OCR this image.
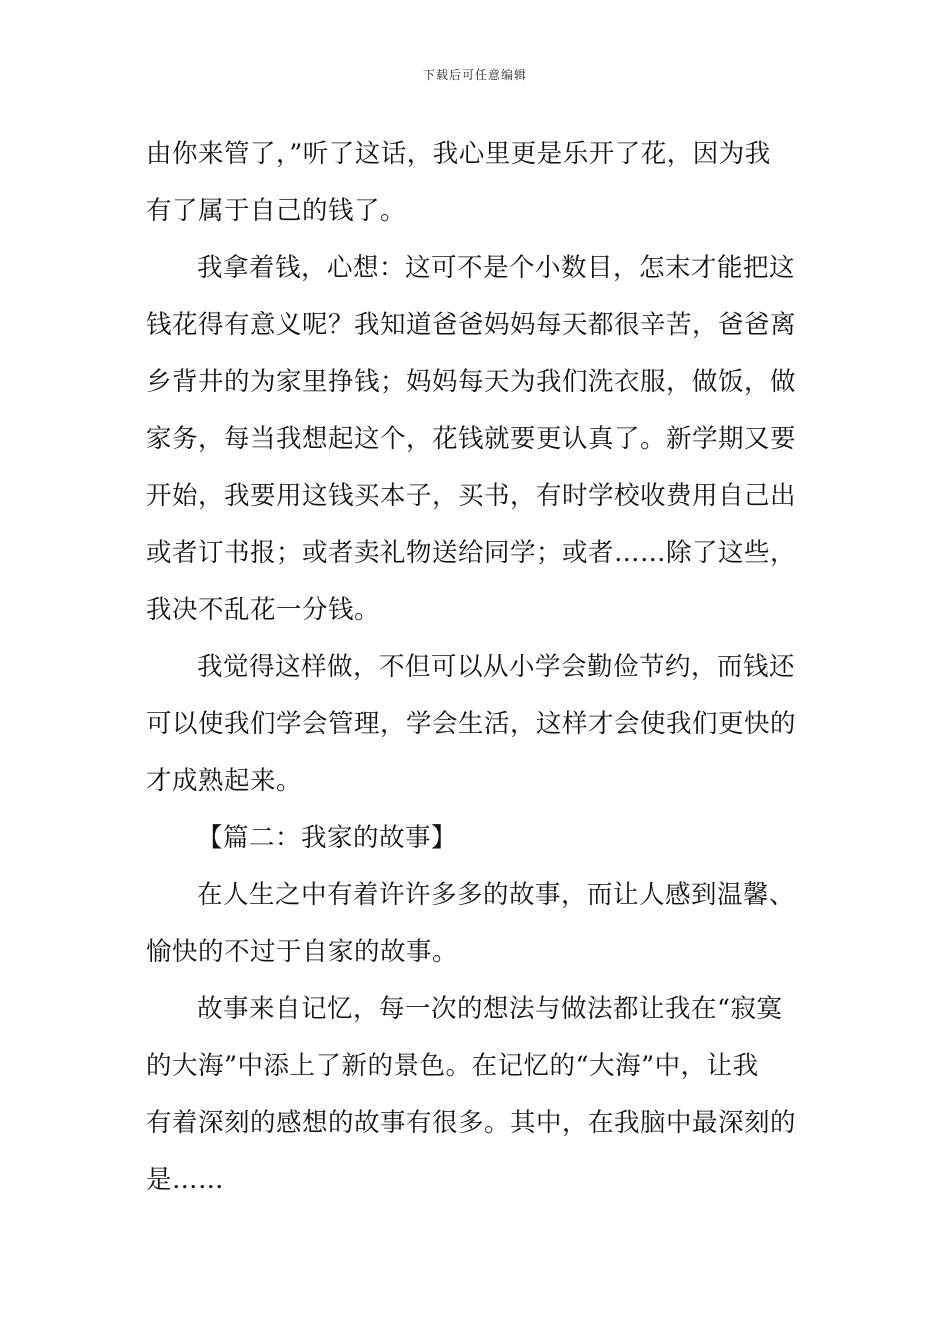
下载后可任意编辑
由你来管了，”听了这话，我心里更是乐开了花，因为我
有了属于自己的钱了。
我拿着钱，心想：这可不是个小数目，怎末才能把这
钱花得有意义呢？我知道爸爸妈妈每天都很辛苦，爸爸离
乡背井的为家里挣钱；妈妈每天为我们洗衣服，做饭，做
家务，每当我想起这个，花钱就要更认真了。新学期又要
开始，我要用这钱买本子，买书，有时学校收费用自己出
或者订书报；或者卖礼物送给同学；或者……除了这些，
我决不乱花一分钱。
我觉得这样做，不但可以从小学会勤俭节约，而钱还
可以使我们学会管理，学会生活，这样才会使我们更快的
才成熟起来。
【篇二：我家的故事】
在人生之中有着许许多多的故事，而让人感到温馨、
愉快的不过于自家的故事。
故事来自记忆，每一次的想法与做法都让我在“寂寞
的大海”中添上了新的景色。在记忆的“大海”中，让我
有着深刻的感想的故事有很多。其中，在我脑中最深刻的
是……
